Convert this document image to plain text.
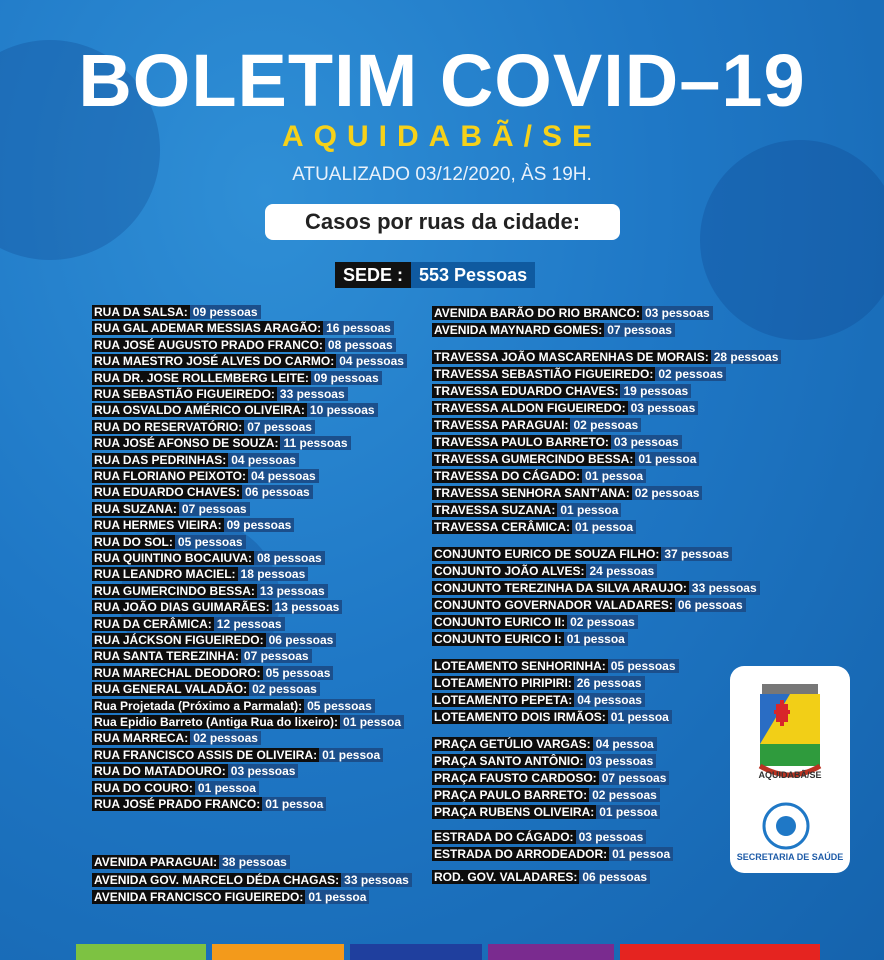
BOLETIM COVID–19
AQUIDABÃ/SE
ATUALIZADO 03/12/2020, ÀS 19H.
Casos por ruas da cidade:
SEDE : 553 Pessoas
RUA DA SALSA: 09 pessoas
RUA GAL ADEMAR MESSIAS ARAGÃO: 16 pessoas
RUA JOSÉ AUGUSTO PRADO FRANCO: 08 pessoas
RUA MAESTRO JOSÉ ALVES DO CARMO: 04 pessoas
RUA DR. JOSE ROLLEMBERG LEITE: 09 pessoas
RUA SEBASTIÃO FIGUEIREDO: 33 pessoas
RUA OSVALDO AMÉRICO OLIVEIRA: 10 pessoas
RUA DO RESERVATÓRIO: 07 pessoas
RUA JOSÉ AFONSO DE SOUZA: 11 pessoas
RUA DAS PEDRINHAS: 04 pessoas
RUA FLORIANO PEIXOTO: 04 pessoas
RUA EDUARDO CHAVES: 06 pessoas
RUA SUZANA: 07 pessoas
RUA HERMES VIEIRA: 09 pessoas
RUA DO SOL: 05 pessoas
RUA QUINTINO BOCAIUVA: 08 pessoas
RUA LEANDRO MACIEL: 18 pessoas
RUA GUMERCINDO BESSA: 13 pessoas
RUA JOÃO DIAS GUIMARÃES: 13 pessoas
RUA DA CERÂMICA: 12 pessoas
RUA JÁCKSON FIGUEIREDO: 06 pessoas
RUA SANTA TEREZINHA: 07 pessoas
RUA MARECHAL DEODORO: 05 pessoas
RUA GENERAL VALADÃO: 02 pessoas
Rua Projetada (Próximo a Parmalat): 05 pessoas
Rua Epidio Barreto (Antiga Rua do lixeiro): 01 pessoa
RUA MARRECA: 02 pessoas
RUA FRANCISCO ASSIS DE OLIVEIRA: 01 pessoa
RUA DO MATADOURO: 03 pessoas
RUA DO COURO: 01 pessoa
RUA JOSÉ PRADO FRANCO: 01 pessoa
AVENIDA PARAGUAI: 38 pessoas
AVENIDA GOV. MARCELO DÉDA CHAGAS: 33 pessoas
AVENIDA FRANCISCO FIGUEIREDO: 01 pessoa
AVENIDA BARÃO DO RIO BRANCO: 03 pessoas
AVENIDA MAYNARD GOMES: 07 pessoas
TRAVESSA JOÃO MASCARENHAS DE MORAIS: 28 pessoas
TRAVESSA SEBASTIÃO FIGUEIREDO: 02 pessoas
TRAVESSA EDUARDO CHAVES: 19 pessoas
TRAVESSA ALDON FIGUEIREDO: 03 pessoas
TRAVESSA PARAGUAI: 02 pessoas
TRAVESSA PAULO BARRETO: 03 pessoas
TRAVESSA GUMERCINDO BESSA: 01 pessoa
TRAVESSA DO CÁGADO: 01 pessoa
TRAVESSA SENHORA SANT'ANA: 02 pessoas
TRAVESSA SUZANA: 01 pessoa
TRAVESSA CERÂMICA: 01 pessoa
CONJUNTO EURICO DE SOUZA FILHO: 37 pessoas
CONJUNTO JOÃO ALVES: 24 pessoas
CONJUNTO TEREZINHA DA SILVA ARAUJO: 33 pessoas
CONJUNTO GOVERNADOR VALADARES: 06 pessoas
CONJUNTO EURICO II: 02 pessoas
CONJUNTO EURICO I: 01 pessoa
LOTEAMENTO SENHORINHA: 05 pessoas
LOTEAMENTO PIRIPIRI: 26 pessoas
LOTEAMENTO PEPETA: 04 pessoas
LOTEAMENTO DOIS IRMÃOS: 01 pessoa
PRAÇA GETÚLIO VARGAS: 04 pessoa
PRAÇA SANTO ANTÔNIO: 03 pessoas
PRAÇA FAUSTO CARDOSO: 07 pessoas
PRAÇA PAULO BARRETO: 02 pessoas
PRAÇA RUBENS OLIVEIRA: 01 pessoa
ESTRADA DO CÁGADO: 03 pessoas
ESTRADA DO ARRODEADOR: 01 pessoa
ROD. GOV. VALADARES: 06 pessoas
AQUIDABÃ/SE
SECRETARIA DE SAÚDE
